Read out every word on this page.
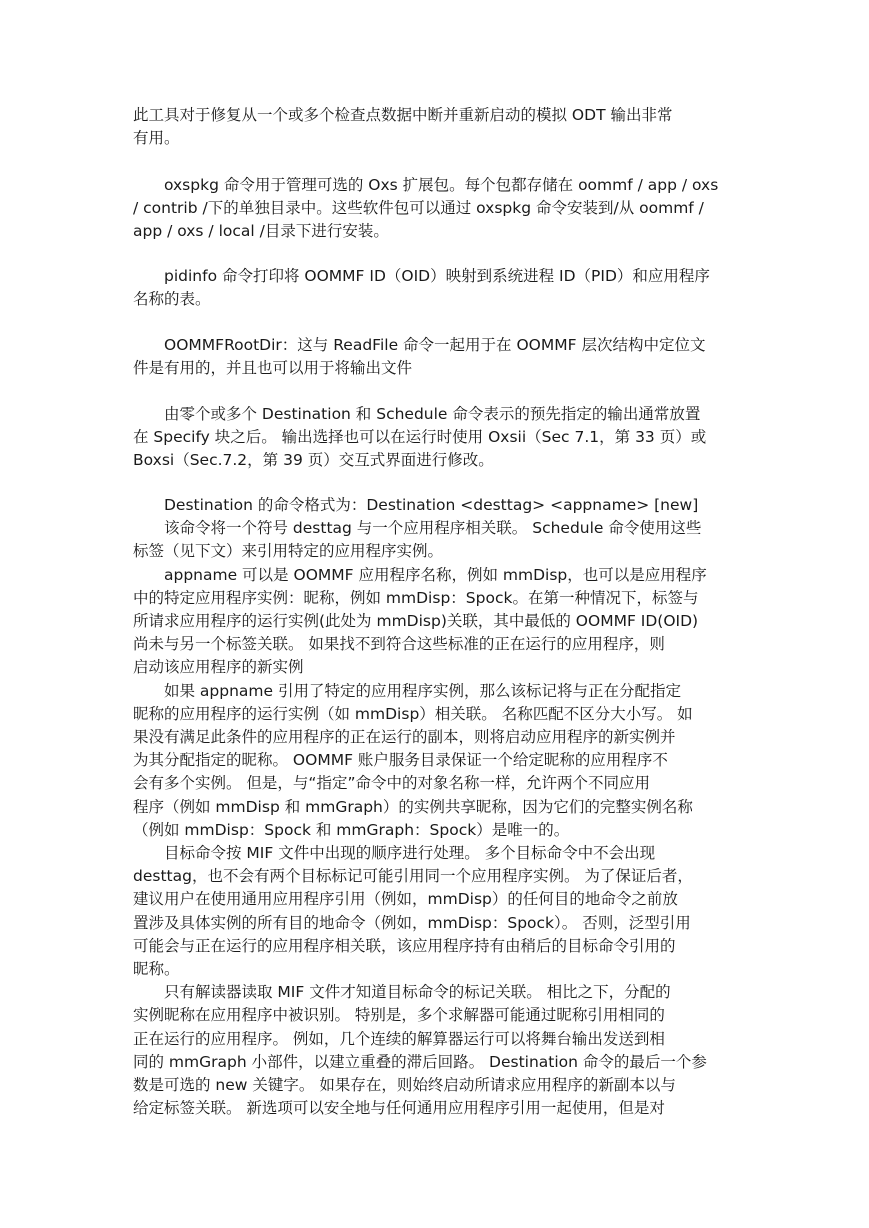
此工具对于修复从一个或多个检查点数据中断并重新启动的模拟 ODT 输出非常
有用。

　　oxspkg 命令用于管理可选的 Oxs 扩展包。每个包都存储在 oommf / app / oxs
/ contrib /下的单独目录中。这些软件包可以通过 oxspkg 命令安装到/从 oommf /
app / oxs / local /目录下进行安装。

　　pidinfo 命令打印将 OOMMF ID（OID）映射到系统进程 ID（PID）和应用程序
名称的表。

　　OOMMFRootDir：这与 ReadFile 命令一起用于在 OOMMF 层次结构中定位文
件是有用的，并且也可以用于将输出文件

　　由零个或多个 Destination 和 Schedule 命令表示的预先指定的输出通常放置
在 Specify 块之后。 输出选择也可以在运行时使用 Oxsii（Sec 7.1，第 33 页）或
Boxsi（Sec.7.2，第 39 页）交互式界面进行修改。

　　Destination 的命令格式为：Destination <desttag> <appname> [new]
　　该命令将一个符号 desttag 与一个应用程序相关联。 Schedule 命令使用这些
标签（见下文）来引用特定的应用程序实例。
　　appname 可以是 OOMMF 应用程序名称，例如 mmDisp，也可以是应用程序
中的特定应用程序实例：昵称，例如 mmDisp：Spock。在第一种情况下，标签与
所请求应用程序的运行实例(此处为 mmDisp)关联，其中最低的 OOMMF ID(OID)
尚未与另一个标签关联。 如果找不到符合这些标准的正在运行的应用程序，则
启动该应用程序的新实例
　　如果 appname 引用了特定的应用程序实例，那么该标记将与正在分配指定
昵称的应用程序的运行实例（如 mmDisp）相关联。 名称匹配不区分大小写。 如
果没有满足此条件的应用程序的正在运行的副本，则将启动应用程序的新实例并
为其分配指定的昵称。 OOMMF 账户服务目录保证一个给定昵称的应用程序不
会有多个实例。 但是，与“指定”命令中的对象名称一样，允许两个不同应用
程序（例如 mmDisp 和 mmGraph）的实例共享昵称，因为它们的完整实例名称
（例如 mmDisp：Spock 和 mmGraph：Spock）是唯一的。
　　目标命令按 MIF 文件中出现的顺序进行处理。 多个目标命令中不会出现
desttag，也不会有两个目标标记可能引用同一个应用程序实例。 为了保证后者，
建议用户在使用通用应用程序引用（例如，mmDisp）的任何目的地命令之前放
置涉及具体实例的所有目的地命令（例如，mmDisp：Spock）。 否则，泛型引用
可能会与正在运行的应用程序相关联，该应用程序持有由稍后的目标命令引用的
昵称。
　　只有解读器读取 MIF 文件才知道目标命令的标记关联。 相比之下，分配的
实例昵称在应用程序中被识别。 特别是，多个求解器可能通过昵称引用相同的
正在运行的应用程序。 例如，几个连续的解算器运行可以将舞台输出发送到相
同的 mmGraph 小部件，以建立重叠的滞后回路。 Destination 命令的最后一个参
数是可选的 new 关键字。 如果存在，则始终启动所请求应用程序的新副本以与
给定标签关联。 新选项可以安全地与任何通用应用程序引用一起使用，但是对
